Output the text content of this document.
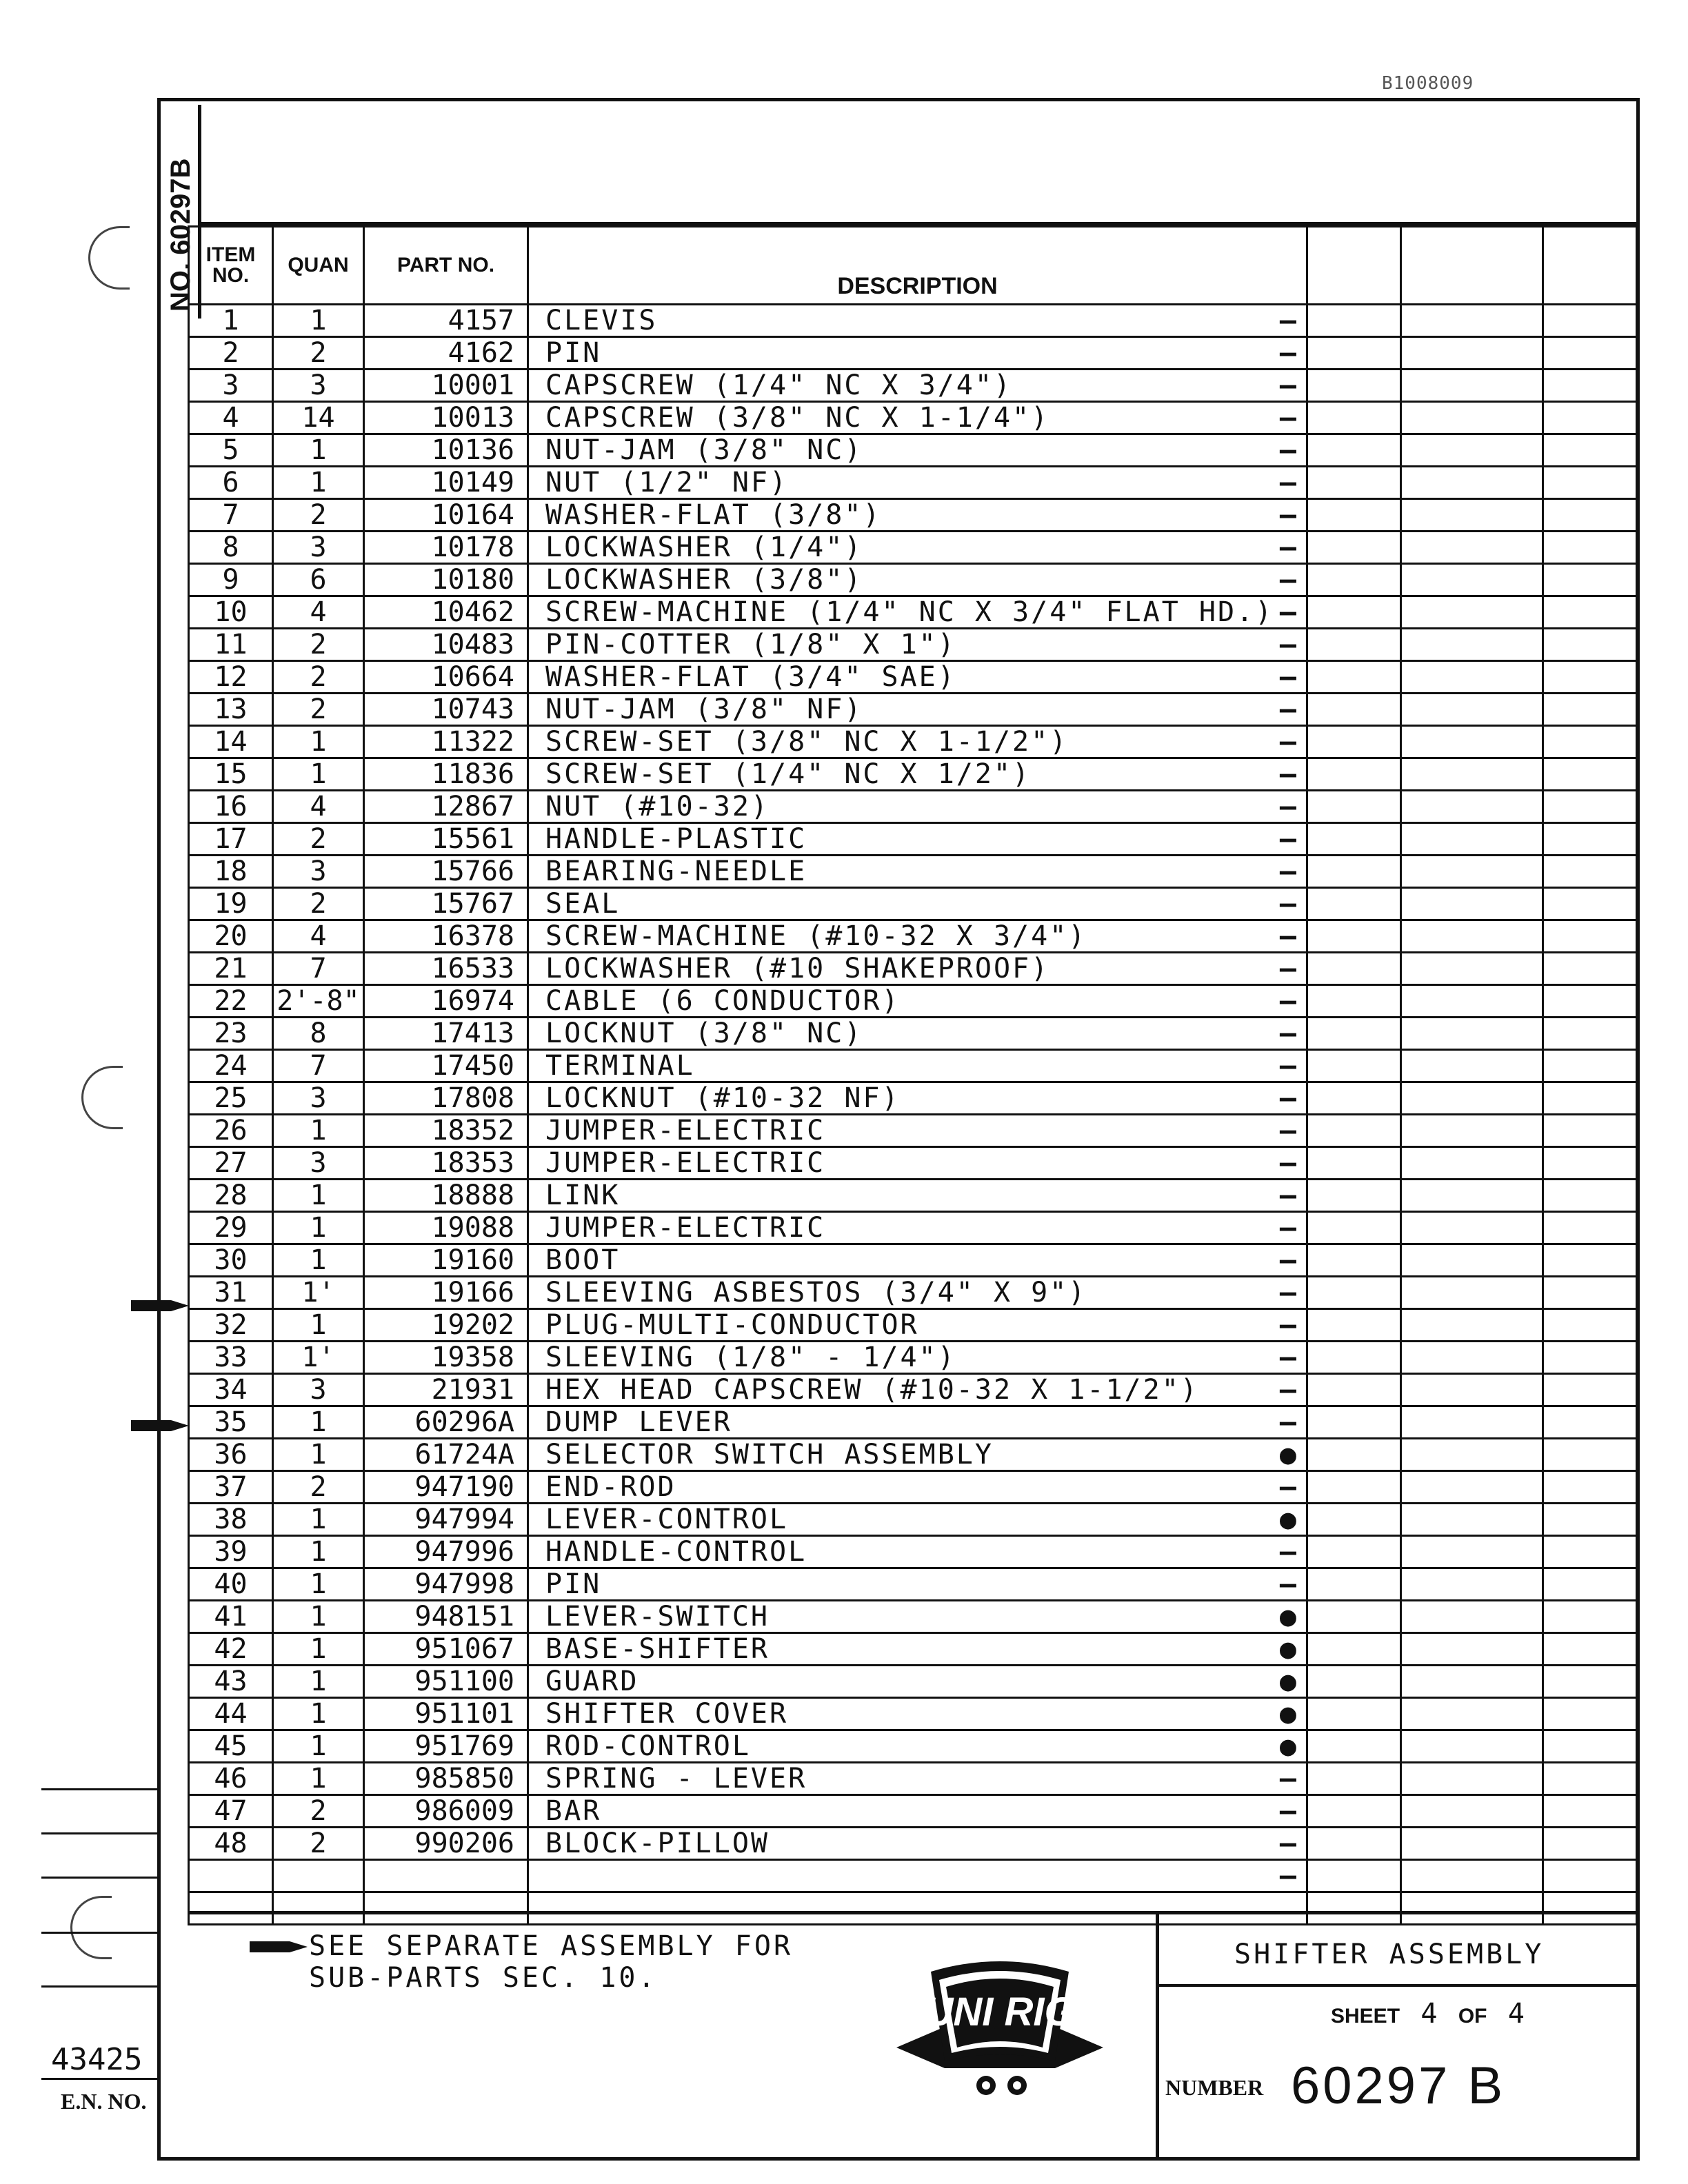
B1008009
NO. 60297B ITEM NO.	QUAN	PART NO.	DESCRIPTION			
1	1	4157	CLEVIS –			

2	2	4162	PIN –			

3	3	10001	CAPSCREW (1/4" NC X 3/4") –			

4	14	10013	CAPSCREW (3/8" NC X 1-1/4") –			

5	1	10136	NUT-JAM (3/8" NC) –			

6	1	10149	NUT (1/2" NF) –			

7	2	10164	WASHER-FLAT (3/8") –			

8	3	10178	LOCKWASHER (1/4") –			

9	6	10180	LOCKWASHER (3/8") –			

10	4	10462	SCREW-MACHINE (1/4" NC X 3/4" FLAT HD.) –			

11	2	10483	PIN-COTTER (1/8" X 1") –			

12	2	10664	WASHER-FLAT (3/4" SAE) –			

13	2	10743	NUT-JAM (3/8" NF) –			

14	1	11322	SCREW-SET (3/8" NC X 1-1/2") –			

15	1	11836	SCREW-SET (1/4" NC X 1/2") –			

16	4	12867	NUT (#10-32) –			

17	2	15561	HANDLE-PLASTIC –			

18	3	15766	BEARING-NEEDLE –			

19	2	15767	SEAL –			

20	4	16378	SCREW-MACHINE (#10-32 X 3/4") –			

21	7	16533	LOCKWASHER (#10 SHAKEPROOF) –			

22	2'-8"	16974	CABLE (6 CONDUCTOR) –			

23	8	17413	LOCKNUT (3/8" NC) –			

24	7	17450	TERMINAL –			

25	3	17808	LOCKNUT (#10-32 NF) –			

26	1	18352	JUMPER-ELECTRIC –			

27	3	18353	JUMPER-ELECTRIC –			

28	1	18888	LINK –			

29	1	19088	JUMPER-ELECTRIC –			

30	1	19160	BOOT –			

31	1'	19166	SLEEVING ASBESTOS (3/4" X 9") –			

32	1	19202	PLUG-MULTI-CONDUCTOR –			

33	1'	19358	SLEEVING (1/8" - 1/4") –			

34	3	21931	HEX HEAD CAPSCREW (#10-32 X 1-1/2") –			

35	1	60296A	DUMP LEVER –			

36	1	61724A	SELECTOR SWITCH ASSEMBLY ●			

37	2	947190	END-ROD –			

38	1	947994	LEVER-CONTROL ●			

39	1	947996	HANDLE-CONTROL –			

40	1	947998	PIN –			

41	1	948151	LEVER-SWITCH ●			

42	1	951067	BASE-SHIFTER ●			

43	1	951100	GUARD ●			

44	1	951101	SHIFTER COVER ●			

45	1	951769	ROD-CONTROL ●			

46	1	985850	SPRING - LEVER –			

47	2	986009	BAR –			

48	2	990206	BLOCK-PILLOW –			

			–			

SEE SEPARATE ASSEMBLY FOR
SUB-PARTS SEC. 10.
UNI RIG
SHIFTER ASSEMBLY
SHEET 4 OF 4
NUMBER 60297 B
43425
E.N. NO.
